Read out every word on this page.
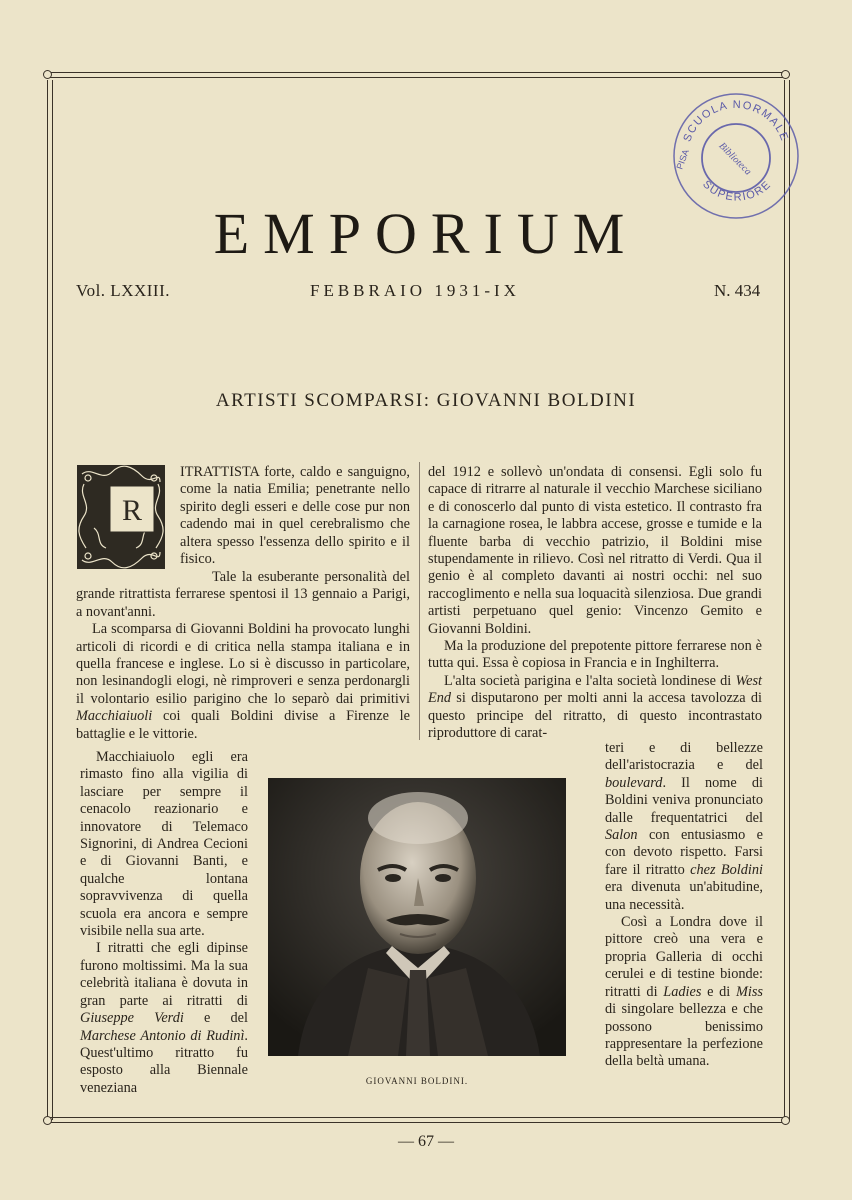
SCUOLA NORMALE
SUPERIORE
PISA	Biblioteca
EMPORIUM
Vol. LXXIII.	FEBBRAIO 1931-IX	N. 434
ARTISTI SCOMPARSI: GIOVANNI BOLDINI
R

ITRATTISTA forte, caldo e sanguigno, come la natia Emilia; penetrante nello spirito degli esseri e delle cose pur non cadendo mai in quel cerebralismo che altera spesso l'essenza dello spirito e il fisico.

Tale la esuberante personalità del grande ritrattista ferrarese spentosi il 13 gennaio a Parigi, a novant'anni.

La scomparsa di Giovanni Boldini ha provocato lunghi articoli di ricordi e di critica nella stampa italiana e in quella francese e inglese. Lo si è discusso in particolare, non lesinandogli elogi, nè rimproveri e senza perdonargli il volontario esilio parigino che lo separò dai primitivi Macchiaiuoli coi quali Boldini divise a Firenze le battaglie e le vittorie.

Macchiaiuolo egli era rimasto fino alla vigilia di lasciare per sempre il cenacolo reazionario e innovatore di Telemaco Signorini, di Andrea Cecioni e di Giovanni Banti, e qualche lontana sopravvivenza di quella scuola era ancora e sempre visibile nella sua arte.

I ritratti che egli dipinse furono moltissimi. Ma la sua celebrità italiana è dovuta in gran parte ai ritratti di Giuseppe Verdi e del Marchese Antonio di Rudinì. Quest'ultimo ritratto fu esposto alla Biennale veneziana

del 1912 e sollevò un'ondata di consensi. Egli solo fu capace di ritrarre al naturale il vecchio Marchese siciliano e di conoscerlo dal punto di vista estetico. Il contrasto fra la carnagione rosea, le labbra accese, grosse e tumide e la fluente barba di vecchio patrizio, il Boldini mise stupendamente in rilievo. Così nel ritratto di Verdi. Qua il genio è al completo davanti ai nostri occhi: nel suo raccoglimento e nella sua loquacità silenziosa. Due grandi artisti perpetuano quel genio: Vincenzo Gemito e Giovanni Boldini.

Ma la produzione del prepotente pittore ferrarese non è tutta qui. Essa è copiosa in Francia e in Inghilterra.

L'alta società parigina e l'alta società londinese di West End si disputarono per molti anni la accesa tavolozza di questo principe del ritratto, di questo incontrastato riproduttore di carat-

teri e di bellezze dell'aristocrazia e del boulevard. Il nome di Boldini veniva pronunciato dalle frequentatrici del Salon con entusiasmo e con devoto rispetto. Farsi fare il ritratto chez Boldini era divenuta un'abitudine, una necessità.

Così a Londra dove il pittore creò una vera e propria Galleria di occhi cerulei e di testine bionde: ritratti di Ladies e di Miss di singolare bellezza e che possono benissimo rappresentare la perfezione della beltà umana.

GIOVANNI BOLDINI.
— 67 —
